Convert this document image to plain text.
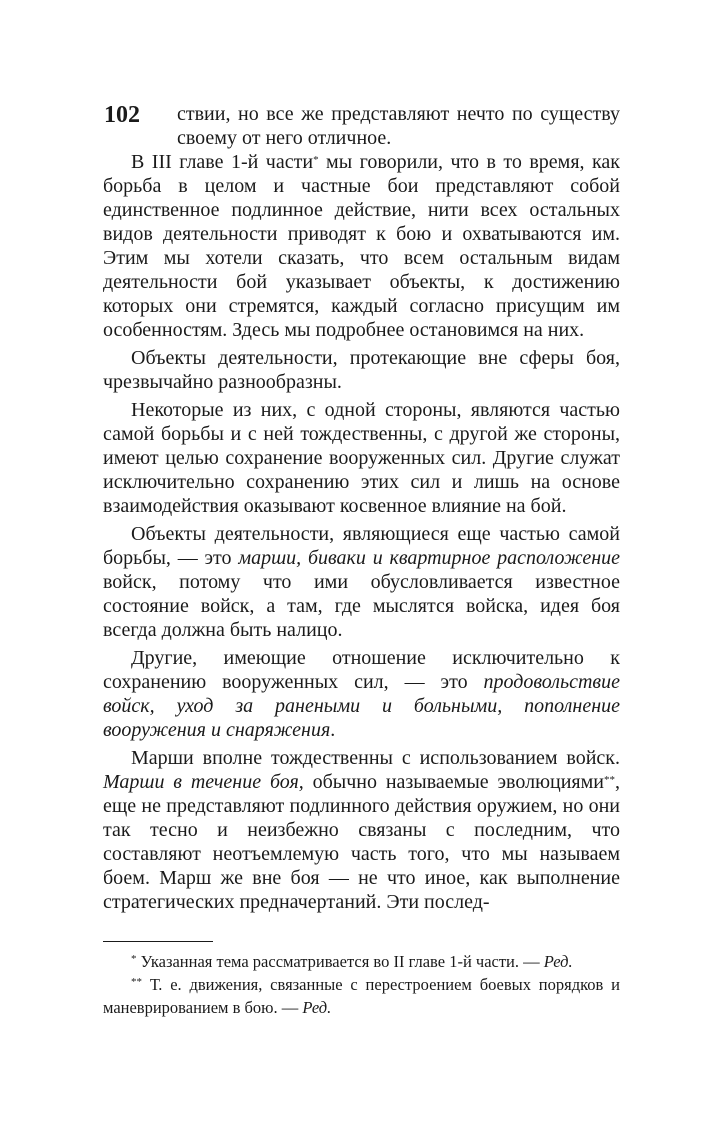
102	ствии, но все же представляют нечто по существу своему от него отличное.

В III главе 1-й части* мы говорили, что в то время, как борьба в целом и частные бои представляют собой единственное подлинное действие, нити всех остальных видов деятельности приводят к бою и охватываются им. Этим мы хотели сказать, что всем остальным видам деятельности бой указывает объекты, к достижению которых они стремятся, каждый согласно присущим им особенностям. Здесь мы подробнее остановимся на них.

Объекты деятельности, протекающие вне сферы боя, чрезвычайно разнообразны.

Некоторые из них, с одной стороны, являются частью самой борьбы и с ней тождественны, с другой же стороны, имеют целью сохранение вооруженных сил. Другие служат исключительно сохранению этих сил и лишь на основе взаимодействия оказывают косвенное влияние на бой.

Объекты деятельности, являющиеся еще частью самой борьбы, — это марши, биваки и квартирное расположение войск, потому что ими обусловливается известное состояние войск, а там, где мыслятся войска, идея боя всегда должна быть налицо.

Другие, имеющие отношение исключительно к сохранению вооруженных сил, — это продовольствие войск, уход за ранеными и больными, пополнение вооружения и снаряжения.

Марши вполне тождественны с использованием войск. Марши в течение боя, обычно называемые эволюциями**, еще не представляют подлинного действия оружием, но они так тесно и неизбежно связаны с последним, что составляют неотъемлемую часть того, что мы называем боем. Марш же вне боя — не что иное, как выполнение стратегических предначертаний. Эти послед-

* Указанная тема рассматривается во II главе 1-й части. — Ред.

** Т. е. движения, связанные с перестроением боевых порядков и маневрированием в бою. — Ред.
